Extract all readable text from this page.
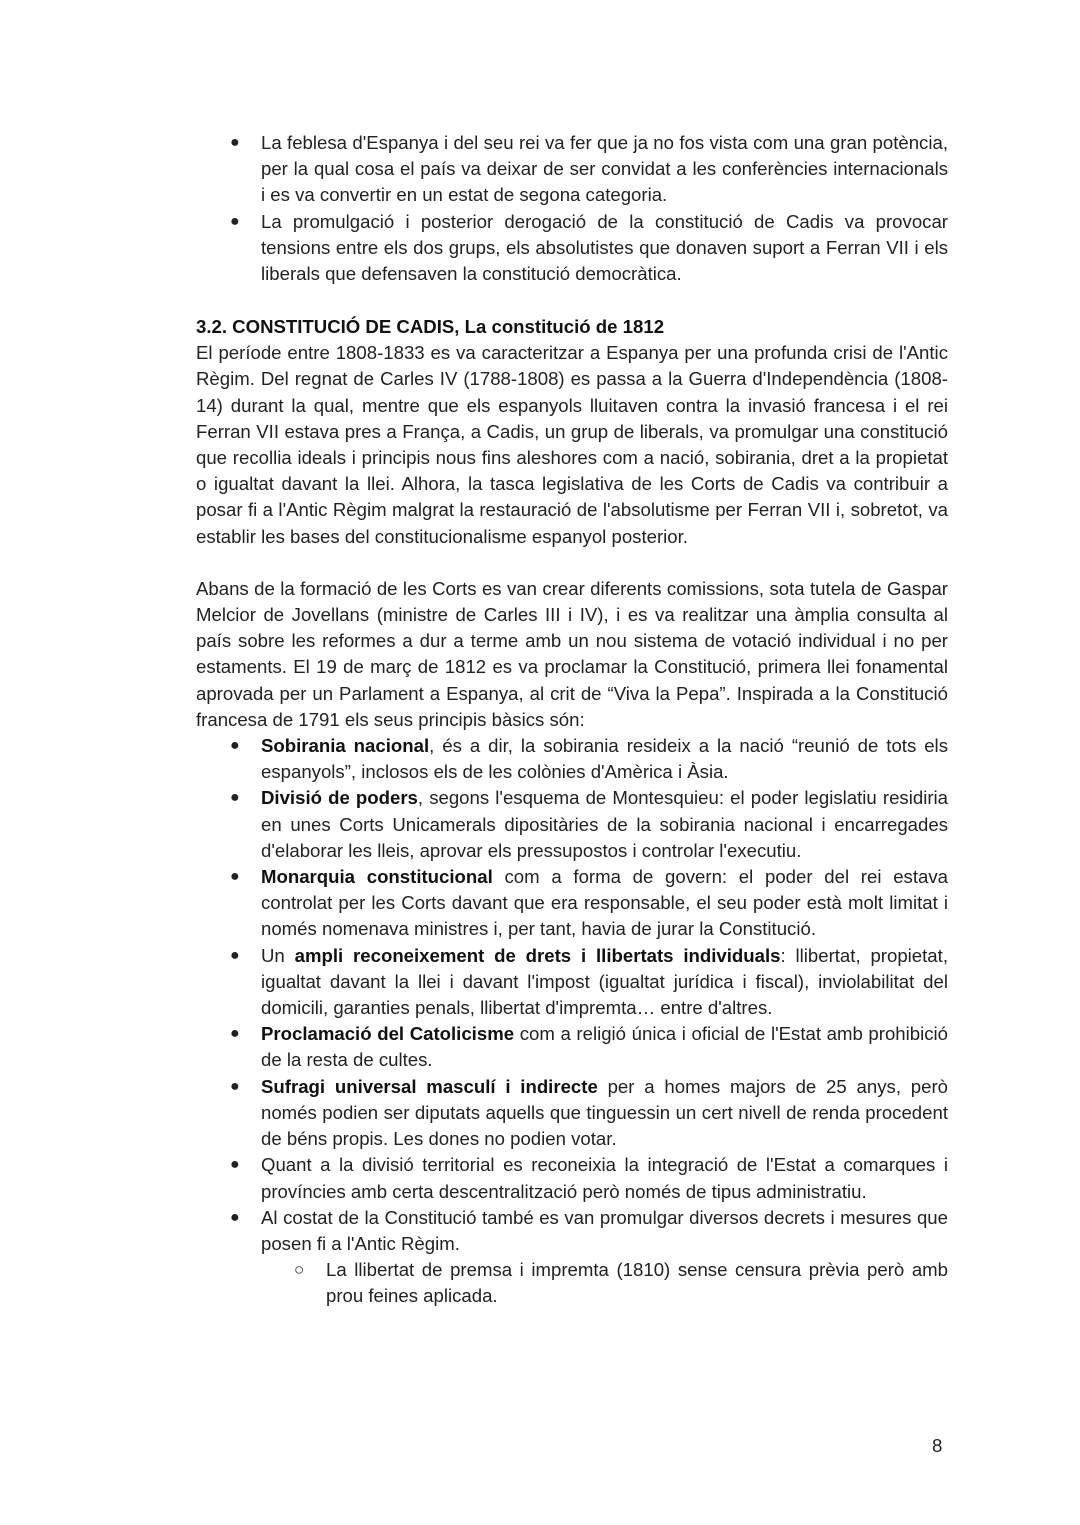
● La feblesa d'Espanya i del seu rei va fer que ja no fos vista com una gran potència, per la qual cosa el país va deixar de ser convidat a les conferències internacionals i es va convertir en un estat de segona categoria.
● La promulgació i posterior derogació de la constitució de Cadis va provocar tensions entre els dos grups, els absolutistes que donaven suport a Ferran VII i els liberals que defensaven la constitució democràtica.
3.2. CONSTITUCIÓ DE CADIS, La constitució de 1812

El període entre 1808-1833 es va caracteritzar a Espanya per una profunda crisi de l'Antic Règim. Del regnat de Carles IV (1788-1808) es passa a la Guerra d'Independència (1808-14) durant la qual, mentre que els espanyols lluitaven contra la invasió francesa i el rei Ferran VII estava pres a França, a Cadis, un grup de liberals, va promulgar una constitució que recollia ideals i principis nous fins aleshores com a nació, sobirania, dret a la propietat o igualtat davant la llei. Alhora, la tasca legislativa de les Corts de Cadis va contribuir a posar fi a l'Antic Règim malgrat la restauració de l'absolutisme per Ferran VII i, sobretot, va establir les bases del constitucionalisme espanyol posterior.

Abans de la formació de les Corts es van crear diferents comissions, sota tutela de Gaspar Melcior de Jovellans (ministre de Carles III i IV), i es va realitzar una àmplia consulta al país sobre les reformes a dur a terme amb un nou sistema de votació individual i no per estaments. El 19 de març de 1812 es va proclamar la Constitució, primera llei fonamental aprovada per un Parlament a Espanya, al crit de “Viva la Pepa”. Inspirada a la Constitució francesa de 1791 els seus principis bàsics són:

● Sobirania nacional, és a dir, la sobirania resideix a la nació “reunió de tots els espanyols”, inclosos els de les colònies d'Amèrica i Àsia.
● Divisió de poders, segons l'esquema de Montesquieu: el poder legislatiu residiria en unes Corts Unicamerals dipositàries de la sobirania nacional i encarregades d'elaborar les lleis, aprovar els pressupostos i controlar l'executiu.
● Monarquia constitucional com a forma de govern: el poder del rei estava controlat per les Corts davant que era responsable, el seu poder està molt limitat i només nomenava ministres i, per tant, havia de jurar la Constitució.
● Un ampli reconeixement de drets i llibertats individuals: llibertat, propietat, igualtat davant la llei i davant l'impost (igualtat jurídica i fiscal), inviolabilitat del domicili, garanties penals, llibertat d'impremta… entre d'altres.
● Proclamació del Catolicisme com a religió única i oficial de l'Estat amb prohibició de la resta de cultes.
● Sufragi universal masculí i indirecte per a homes majors de 25 anys, però només podien ser diputats aquells que tinguessin un cert nivell de renda procedent de béns propis. Les dones no podien votar.
● Quant a la divisió territorial es reconeixia la integració de l'Estat a comarques i províncies amb certa descentralització però només de tipus administratiu.
● Al costat de la Constitució també es van promulgar diversos decrets i mesures que posen fi a l'Antic Règim.
○ La llibertat de premsa i impremta (1810) sense censura prèvia però amb prou feines aplicada.
8
